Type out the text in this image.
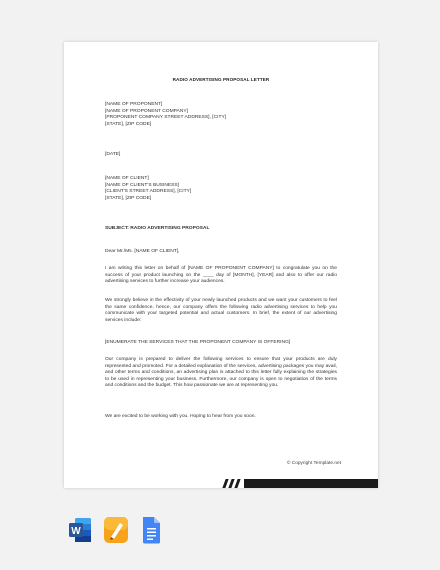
RADIO ADVERTISING PROPOSAL LETTER
[NAME OF PROPONENT]
[NAME OF PROPONENT COMPANY]
[PROPONENT COMPANY STREET ADDRESS], [CITY]
[STATE], [ZIP CODE]
[DATE]
[NAME OF CLIENT]
[NAME OF CLIENT'S BUSINESS]
[CLIENT'S STREET ADDRESS], [CITY]
[STATE], [ZIP CODE]
SUBJECT: RADIO ADVERTISING PROPOSAL
Dear Mr./Ms. [NAME OF CLIENT],

I am writing this letter on behalf of [NAME OF PROPONENT COMPANY] to congratulate you on the success of your product launching on the ____ day of [MONTH], [YEAR] and also to offer our radio advertising services to further increase your audiences.

We strongly believe in the effectivity of your newly launched products and we want your customers to feel the same confidence, hence, our company offers the following radio advertising services to help you communicate with your targeted potential and actual customers. In brief, the extent of our advertising services include:

[ENUMERATE THE SERVICES THAT THE PROPONENT COMPANY IS OFFERING]

Our company is prepared to deliver the following services to ensure that your products are duly represented and promoted. For a detailed explanation of the services, advertising packages you may avail, and other terms and conditions, an advertising plan is attached to this letter fully explaining the strategies to be used in representing your business. Furthermore, our company is open to negotiation of the terms and conditions and the budget. This how passionate we are at representing you.

We are excited to be working with you. Hoping to hear from you soon.
© Copyright Template.net
W
